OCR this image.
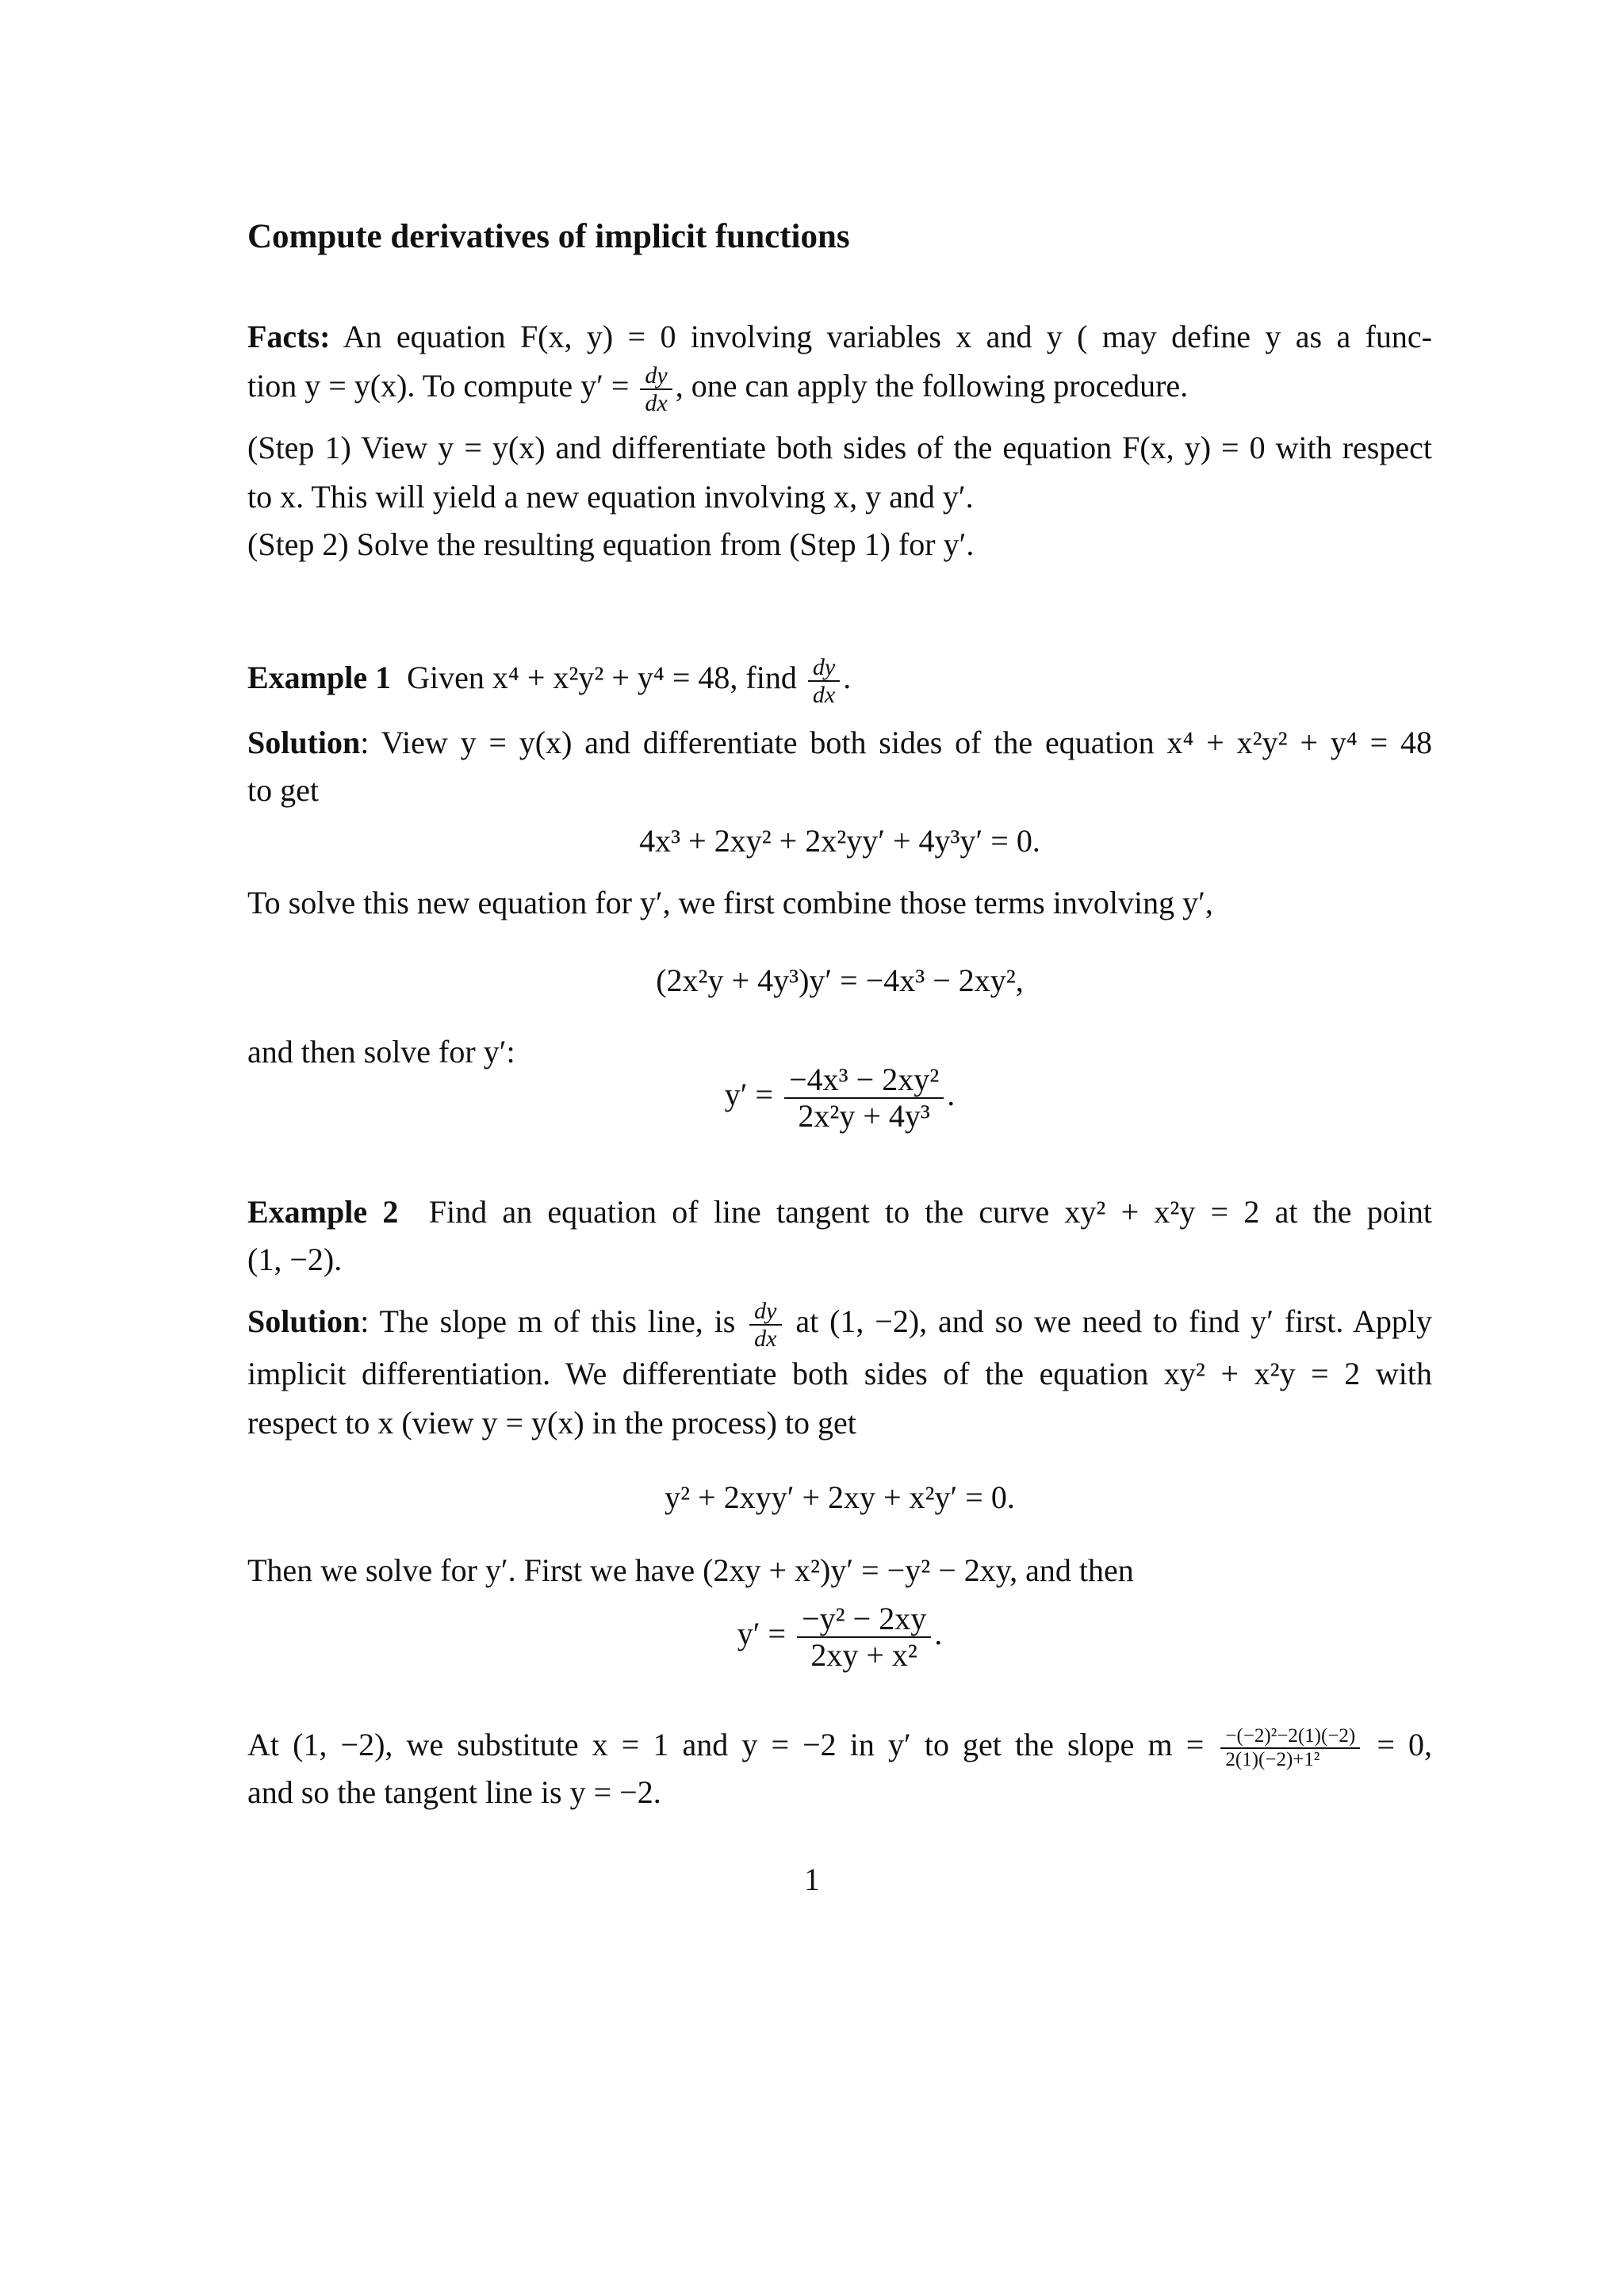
Compute derivatives of implicit functions
Facts: An equation F(x, y) = 0 involving variables x and y ( may define y as a func-
tion y = y(x). To compute $y' = \frac{dy}{dx}$ , one can apply the following procedure.
(Step 1) View y = y(x) and differentiate both sides of the equation F(x, y) = 0 with respect
to x. This will yield a new equation involving x, y and y′.
(Step 2) Solve the resulting equation from (Step 1) for y′.
Example 1 Given x⁴ + x²y² + y⁴ = 48, find $\frac{dy}{dx}$ .
Solution: View y = y(x) and differentiate both sides of the equation x⁴ + x²y² + y⁴ = 48
to get
4x³ + 2xy² + 2x²yy′ + 4y³y′ = 0.
To solve this new equation for y′, we first combine those terms involving y′,
(2x²y + 4y³)y′ = −4x³ − 2xy²,
and then solve for y′:
$y' = \frac{\text{−4x³ − 2xy²}}{\text{2x²y + 4y³}}$ .
Example 2 Find an equation of line tangent to the curve xy² + x²y = 2 at the point
(1, −2).
Solution: The slope m of this line, is $\frac{dy}{dx}$ at (1, −2), and so we need to find y′ first. Apply
implicit differentiation. We differentiate both sides of the equation xy² + x²y = 2 with
respect to x (view y = y(x) in the process) to get
y² + 2xyy′ + 2xy + x²y′ = 0.
Then we solve for y′. First we have (2xy + x²)y′ = −y² − 2xy, and then
$y' = \frac{\text{−y² − 2xy}}{\text{2xy + x²}}$ .
At (1, −2), we substitute x = 1 and y = −2 in y′ to get the slope $m = \frac{\text{−(−2)²−2(1)(−2)}}{\text{2(1)(−2)+1²}} = 0$,
and so the tangent line is y = −2.
1
